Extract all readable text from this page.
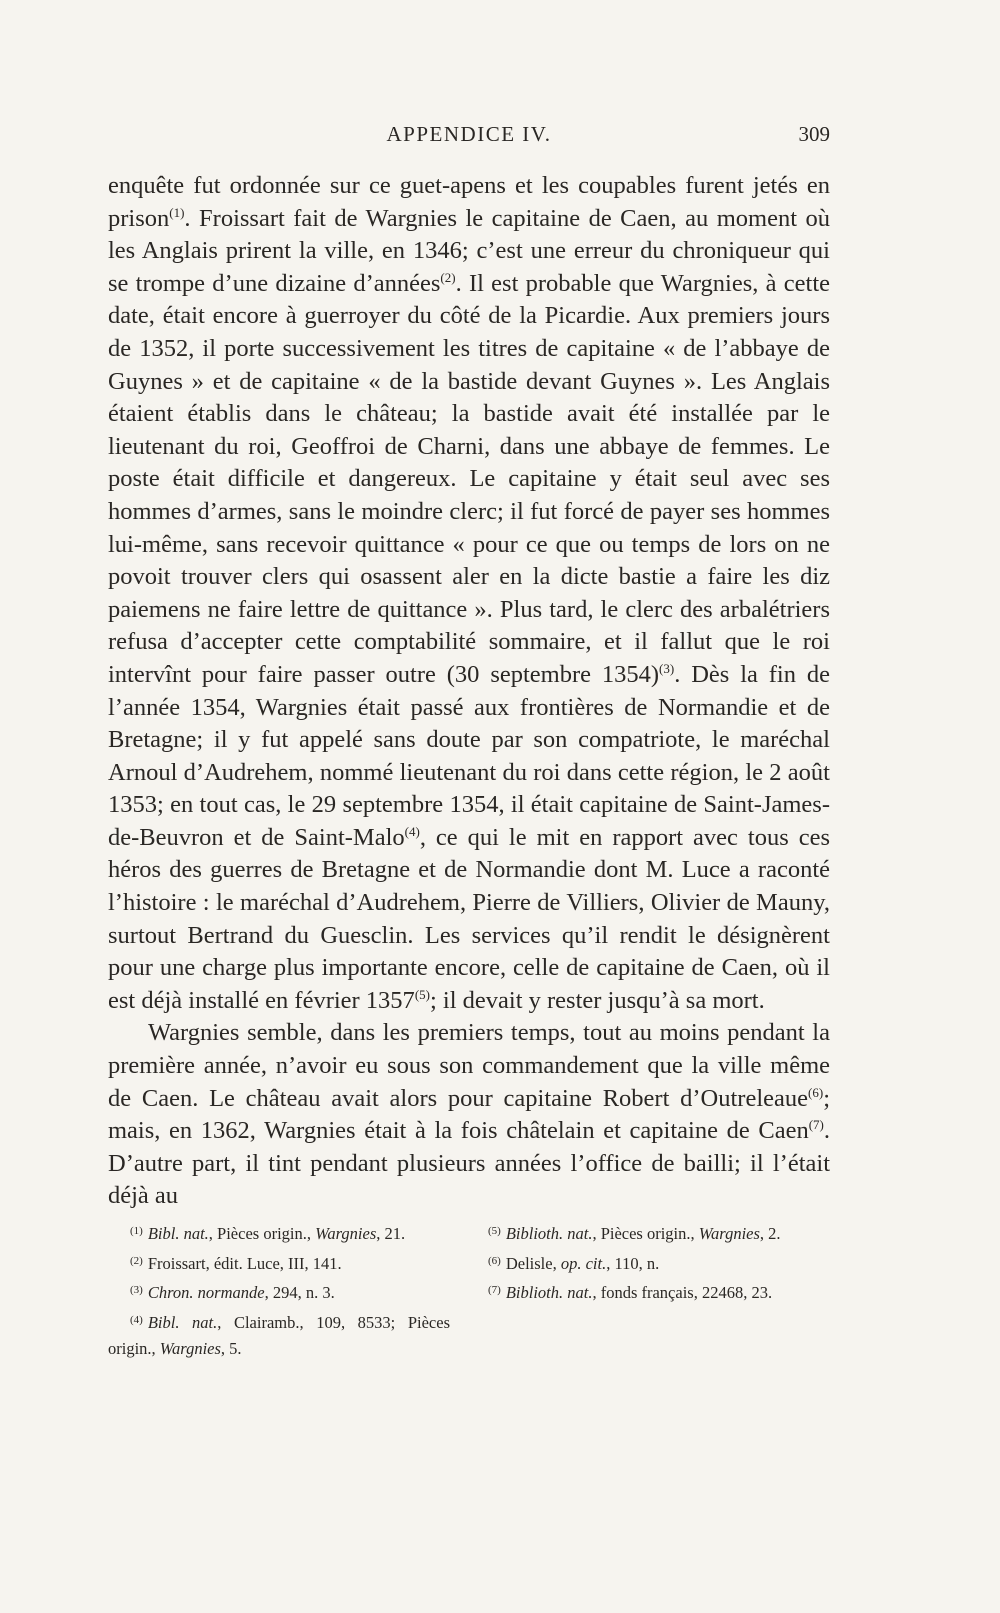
APPENDICE IV.	309

enquête fut ordonnée sur ce guet-apens et les coupables furent jetés en prison$^{(1)}$. Froissart fait de Wargnies le capitaine de Caen, au moment où les Anglais prirent la ville, en 1346; c’est une erreur du chroniqueur qui se trompe d’une dizaine d’années$^{(2)}$. Il est probable que Wargnies, à cette date, était encore à guerroyer du côté de la Picardie. Aux premiers jours de 1352, il porte successivement les titres de capitaine « de l’abbaye de Guynes » et de capitaine « de la bastide devant Guynes ». Les Anglais étaient établis dans le château; la bastide avait été installée par le lieutenant du roi, Geoffroi de Charni, dans une abbaye de femmes. Le poste était difficile et dangereux. Le capitaine y était seul avec ses hommes d’armes, sans le moindre clerc; il fut forcé de payer ses hommes lui-même, sans recevoir quittance « pour ce que ou temps de lors on ne povoit trouver clers qui osassent aler en la dicte bastie a faire les diz paiemens ne faire lettre de quittance ». Plus tard, le clerc des arbalétriers refusa d’accepter cette comptabilité sommaire, et il fallut que le roi intervînt pour faire passer outre (30 septembre 1354)$^{(3)}$. Dès la fin de l’année 1354, Wargnies était passé aux frontières de Normandie et de Bretagne; il y fut appelé sans doute par son compatriote, le maréchal Arnoul d’Audrehem, nommé lieutenant du roi dans cette région, le 2 août 1353; en tout cas, le 29 septembre 1354, il était capitaine de Saint-James-de-Beuvron et de Saint-Malo$^{(4)}$, ce qui le mit en rapport avec tous ces héros des guerres de Bretagne et de Normandie dont M. Luce a raconté l’histoire : le maréchal d’Audrehem, Pierre de Villiers, Olivier de Mauny, surtout Bertrand du Guesclin. Les services qu’il rendit le désignèrent pour une charge plus importante encore, celle de capitaine de Caen, où il est déjà installé en février 1357$^{(5)}$; il devait y rester jusqu’à sa mort.

Wargnies semble, dans les premiers temps, tout au moins pendant la première année, n’avoir eu sous son commandement que la ville même de Caen. Le château avait alors pour capitaine Robert d’Outreleaue$^{(6)}$; mais, en 1362, Wargnies était à la fois châtelain et capitaine de Caen$^{(7)}$. D’autre part, il tint pendant plusieurs années l’office de bailli; il l’était déjà au

$^{(1)}$ Bibl. nat., Pièces origin., Wargnies, 21.
$^{(2)}$ Froissart, édit. Luce, III, 141.
$^{(3)}$ Chron. normande, 294, n. 3.
$^{(4)}$ Bibl. nat., Clairamb., 109, 8533; Pièces origin., Wargnies, 5.
$^{(5)}$ Biblioth. nat., Pièces origin., Wargnies, 2.
$^{(6)}$ Delisle, op. cit., 110, n.
$^{(7)}$ Biblioth. nat., fonds français, 22468, 23.
